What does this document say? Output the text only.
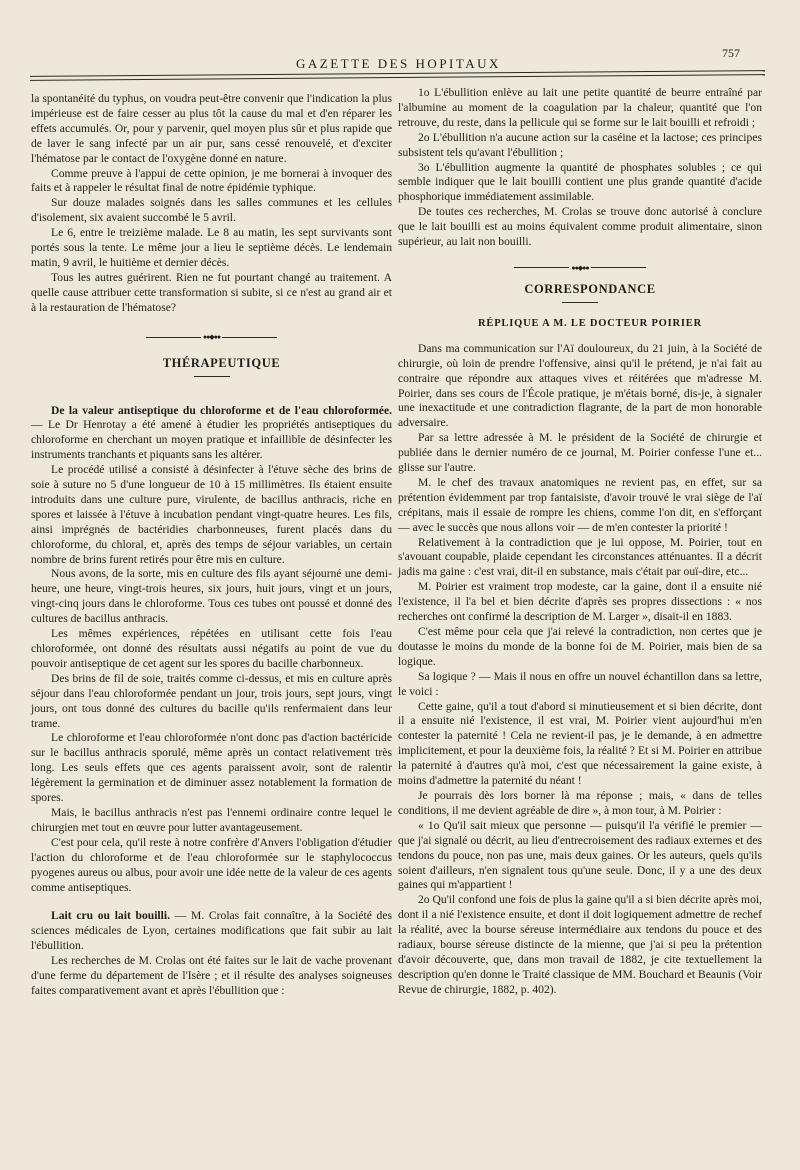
GAZETTE DES HOPITAUX
757

la spontanéité du typhus, on voudra peut-être convenir que l'indication la plus impérieuse est de faire cesser au plus tôt la cause du mal et d'en réparer les effets accumulés. Or, pour y parvenir, quel moyen plus sûr et plus rapide que de laver le sang infecté par un air pur, sans cessé renouvelé, et d'exciter l'hématose par le contact de l'oxygène donné en nature.

Comme preuve à l'appui de cette opinion, je me bornerai à invoquer des faits et à rappeler le résultat final de notre épidémie typhique.

Sur douze malades soignés dans les salles communes et les cellules d'isolement, six avaient succombé le 5 avril.

Le 6, entre le treizième malade. Le 8 au matin, les sept survivants sont portés sous la tente. Le même jour a lieu le septième décès. Le lendemain matin, 9 avril, le huitième et dernier décès.

Tous les autres guérirent. Rien ne fut pourtant changé au traitement. A quelle cause attribuer cette transformation si subite, si ce n'est au grand air et à la restauration de l'hématose?

●●◆●●

THÉRAPEUTIQUE

De la valeur antiseptique du chloroforme et de l'eau chloroformée. — Le Dr Henrotay a été amené à étudier les propriétés antiseptiques du chloroforme en cherchant un moyen pratique et infaillible de désinfecter les instruments tranchants et piquants sans les altérer.

Le procédé utilisé a consisté à désinfecter à l'étuve sèche des brins de soie à suture no 5 d'une longueur de 10 à 15 millimètres. Ils étaient ensuite introduits dans une culture pure, virulente, de bacillus anthracis, riche en spores et laissée à l'étuve à incubation pendant vingt-quatre heures. Les fils, ainsi imprégnés de bactéridies charbonneuses, furent placés dans du chloroforme, du chloral, et, après des temps de séjour variables, un certain nombre de brins furent retirés pour être mis en culture.

Nous avons, de la sorte, mis en culture des fils ayant séjourné une demi-heure, une heure, vingt-trois heures, six jours, huit jours, vingt et un jours, vingt-cinq jours dans le chloroforme. Tous ces tubes ont poussé et donné des cultures de bacillus anthracis.

Les mêmes expériences, répétées en utilisant cette fois l'eau chloroformée, ont donné des résultats aussi négatifs au point de vue du pouvoir antiseptique de cet agent sur les spores du bacille charbonneux.

Des brins de fil de soie, traités comme ci-dessus, et mis en culture après séjour dans l'eau chloroformée pendant un jour, trois jours, sept jours, vingt jours, ont tous donné des cultures du bacille qu'ils renfermaient dans leur trame.

Le chloroforme et l'eau chloroformée n'ont donc pas d'action bactéricide sur le bacillus anthracis sporulé, même après un contact relativement très long. Les seuls effets que ces agents paraissent avoir, sont de ralentir légèrement la germination et de diminuer assez notablement la formation de spores.

Mais, le bacillus anthracis n'est pas l'ennemi ordinaire contre lequel le chirurgien met tout en œuvre pour lutter avantageusement.

C'est pour cela, qu'il reste à notre confrère d'Anvers l'obligation d'étudier l'action du chloroforme et de l'eau chloroformée sur le staphylococcus pyogenes aureus ou albus, pour avoir une idée nette de la valeur de ces agents comme antiseptiques.

Lait cru ou lait bouilli. — M. Crolas fait connaître, à la Société des sciences médicales de Lyon, certaines modifications que fait subir au lait l'ébullition.

Les recherches de M. Crolas ont été faites sur le lait de vache provenant d'une ferme du département de l'Isère ; et il résulte des analyses soigneuses faites comparativement avant et après l'ébullition que :

1o L'ébullition enlève au lait une petite quantité de beurre entraîné par l'albumine au moment de la coagulation par la chaleur, quantité que l'on retrouve, du reste, dans la pellicule qui se forme sur le lait bouilli et refroidi ;

2o L'ébullition n'a aucune action sur la caséine et la lactose; ces principes subsistent tels qu'avant l'ébullition ;

3o L'ébullition augmente la quantité de phosphates solubles ; ce qui semble indiquer que le lait bouilli contient une plus grande quantité d'acide phosphorique immédiatement assimilable.

De toutes ces recherches, M. Crolas se trouve donc autorisé à conclure que le lait bouilli est au moins équivalent comme produit alimentaire, sinon supérieur, au lait non bouilli.

●●◆●●

CORRESPONDANCE

RÉPLIQUE A M. LE DOCTEUR POIRIER

Dans ma communication sur l'Aï douloureux, du 21 juin, à la Société de chirurgie, où loin de prendre l'offensive, ainsi qu'il le prétend, je n'ai fait au contraire que répondre aux attaques vives et réitérées que m'adresse M. Poirier, dans ses cours de l'École pratique, je m'étais borné, dis-je, à signaler une inexactitude et une contradiction flagrante, de la part de mon honorable adversaire.

Par sa lettre adressée à M. le président de la Société de chirurgie et publiée dans le dernier numéro de ce journal, M. Poirier confesse l'une et... glisse sur l'autre.

M. le chef des travaux anatomiques ne revient pas, en effet, sur sa prétention évidemment par trop fantaisiste, d'avoir trouvé le vrai siège de l'aï crépitans, mais il essaie de rompre les chiens, comme l'on dit, en s'efforçant — avec le succès que nous allons voir — de m'en contester la priorité !

Relativement à la contradiction que je lui oppose, M. Poirier, tout en s'avouant coupable, plaide cependant les circonstances atténuantes. Il a décrit jadis ma gaine : c'est vrai, dit-il en substance, mais c'était par ouï-dire, etc...

M. Poirier est vraiment trop modeste, car la gaine, dont il a ensuite nié l'existence, il l'a bel et bien décrite d'après ses propres dissections : « nos recherches ont confirmé la description de M. Larger », disait-il en 1883.

C'est même pour cela que j'ai relevé la contradiction, non certes que je doutasse le moins du monde de la bonne foi de M. Poirier, mais bien de sa logique.

Sa logique ? — Mais il nous en offre un nouvel échantillon dans sa lettre, le voici :

Cette gaine, qu'il a tout d'abord si minutieusement et si bien décrite, dont il a ensuite nié l'existence, il est vrai, M. Poirier vient aujourd'hui m'en contester la paternité ! Cela ne revient-il pas, je le demande, à en admettre implicitement, et pour la deuxième fois, la réalité ? Et si M. Poirier en attribue la paternité à d'autres qu'à moi, c'est que nécessairement la gaine existe, à moins d'admettre la paternité du néant !

Je pourrais dès lors borner là ma réponse ; mais, « dans de telles conditions, il me devient agréable de dire », à mon tour, à M. Poirier :

« 1o Qu'il sait mieux que personne — puisqu'il l'a vérifié le premier — que j'ai signalé ou décrit, au lieu d'entrecroisement des radiaux externes et des tendons du pouce, non pas une, mais deux gaines. Or les auteurs, quels qu'ils soient d'ailleurs, n'en signalent tous qu'une seule. Donc, il y a une des deux gaines qui m'appartient !

2o Qu'il confond une fois de plus la gaine qu'il a si bien décrite après moi, dont il a nié l'existence ensuite, et dont il doit logiquement admettre de rechef la réalité, avec la bourse séreuse intermédiaire aux tendons du pouce et des radiaux, bourse séreuse distincte de la mienne, que j'ai si peu la prétention d'avoir découverte, que, dans mon travail de 1882, je cite textuellement la description qu'en donne le Traité classique de MM. Bouchard et Beaunis (Voir Revue de chirurgie, 1882, p. 402).
